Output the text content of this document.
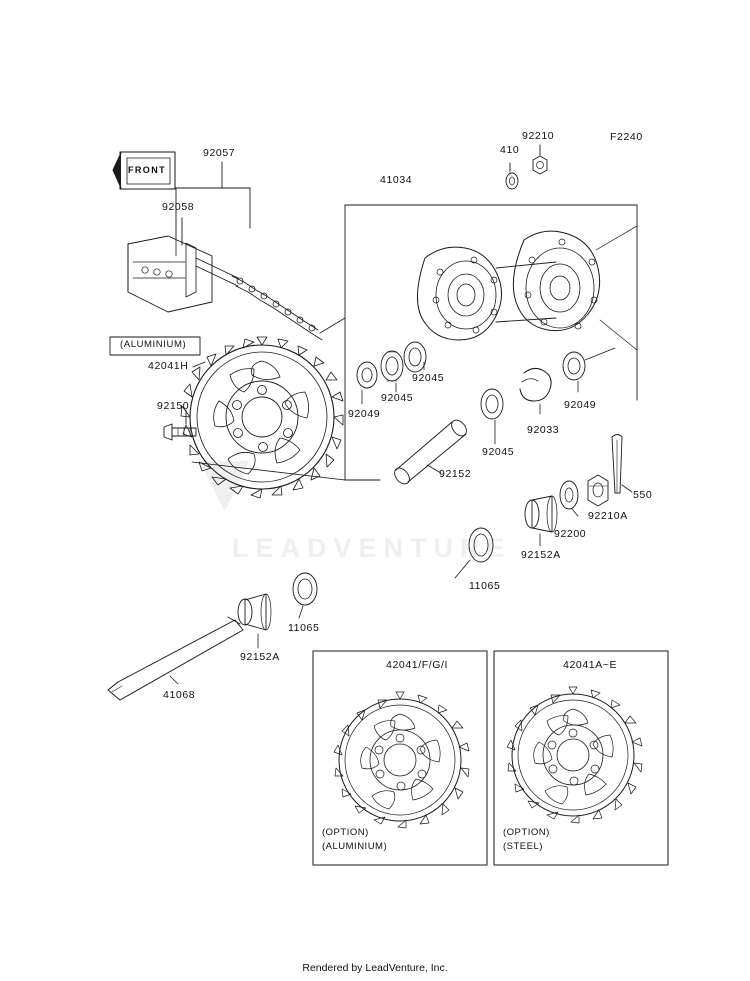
▼
LEADVENTURE
FRONT
92057
92058
41034
92210
410
F2240
(ALUMINIUM)
42041H
92150
92049
92045
92045
92045
92049
92033
92152
550
92210A
92200
92152A
11065
11065
92152A
41068
42041/F/G/I
(OPTION)
(ALUMINIUM)
42041A~E
(OPTION)
(STEEL)
Rendered by LeadVenture, Inc.
